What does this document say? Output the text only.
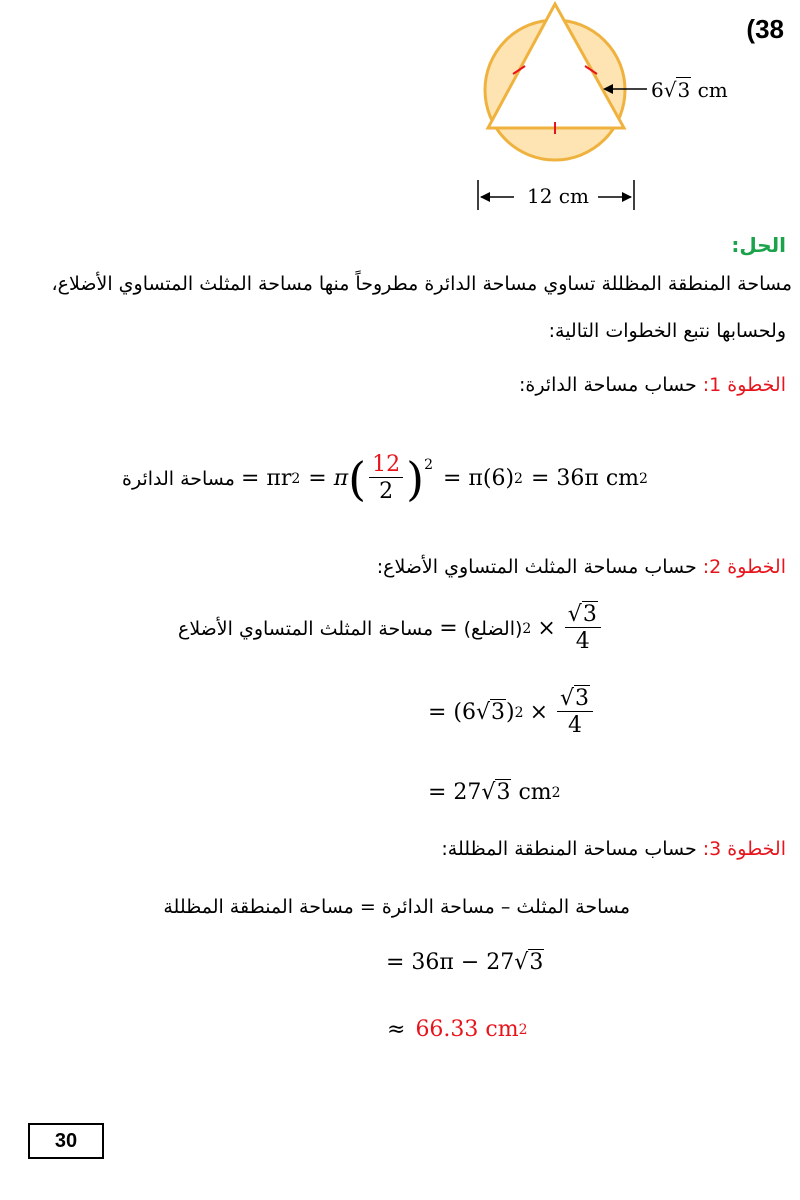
(38
6√3 cm
12 cm
الحل:
مساحة المنطقة المظللة تساوي مساحة الدائرة مطروحاً منها مساحة المثلث المتساوي الأضلاع،
ولحسابها نتبع الخطوات التالية:
الخطوة 1: حساب مساحة الدائرة:
مساحة الدائرة = πr 2 = π ( $\frac{12}{2} )^2$
= π(6) 2 = 36π cm 2
الخطوة 2: حساب مساحة المثلث المتساوي الأضلاع:
مساحة المثلث المتساوي الأضلاع = (الضلع) $2 \times \frac{√3}{4}$
= (6 √3 ) $2 \times \frac{√3}{4}$
= 27 √3 cm 2
الخطوة 3: حساب مساحة المنطقة المظللة:
مساحة المثلث – مساحة الدائرة = مساحة المنطقة المظللة
= 36π − 27 √3
≈ 66.33 cm 2
30
